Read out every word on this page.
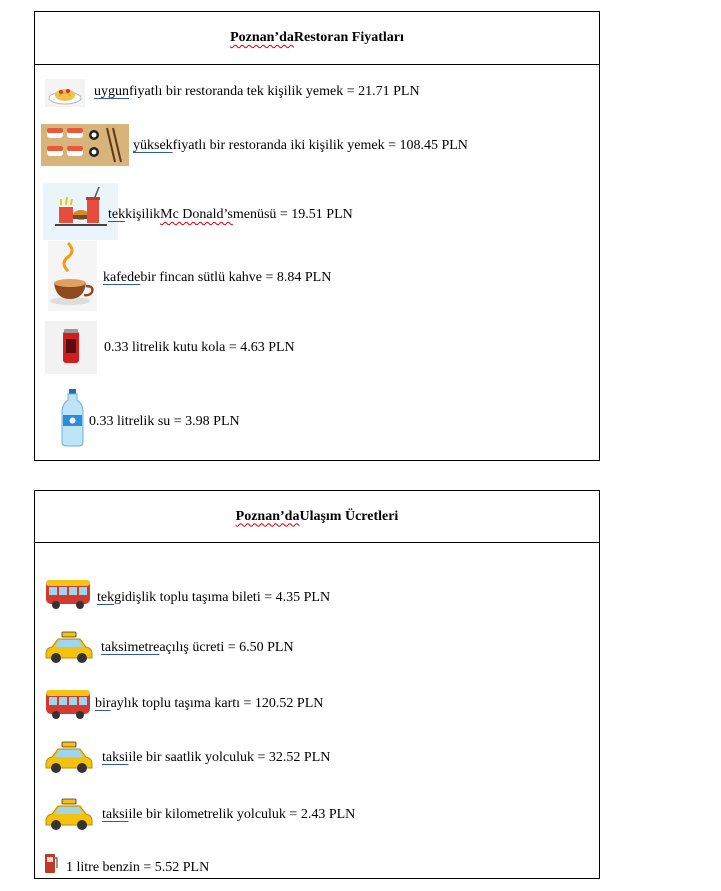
Poznan’da Restoran Fiyatları
uygun fiyatlı bir restoranda tek kişilik yemek = 21.71 PLN
yüksek fiyatlı bir restoranda iki kişilik yemek = 108.45 PLN
tek kişilik Mc Donald’s menüsü = 19.51 PLN
kafede bir fincan sütlü kahve = 8.84 PLN
0.33 litrelik kutu kola = 4.63 PLN
0.33 litrelik su = 3.98 PLN
Poznan’da Ulaşım Ücretleri
tek gidişlik toplu taşıma bileti = 4.35 PLN
taksimetre açılış ücreti = 6.50 PLN
bir aylık toplu taşıma kartı = 120.52 PLN
taksi ile bir saatlik yolculuk = 32.52 PLN
taksi ile bir kilometrelik yolculuk = 2.43 PLN
1 litre benzin = 5.52 PLN
